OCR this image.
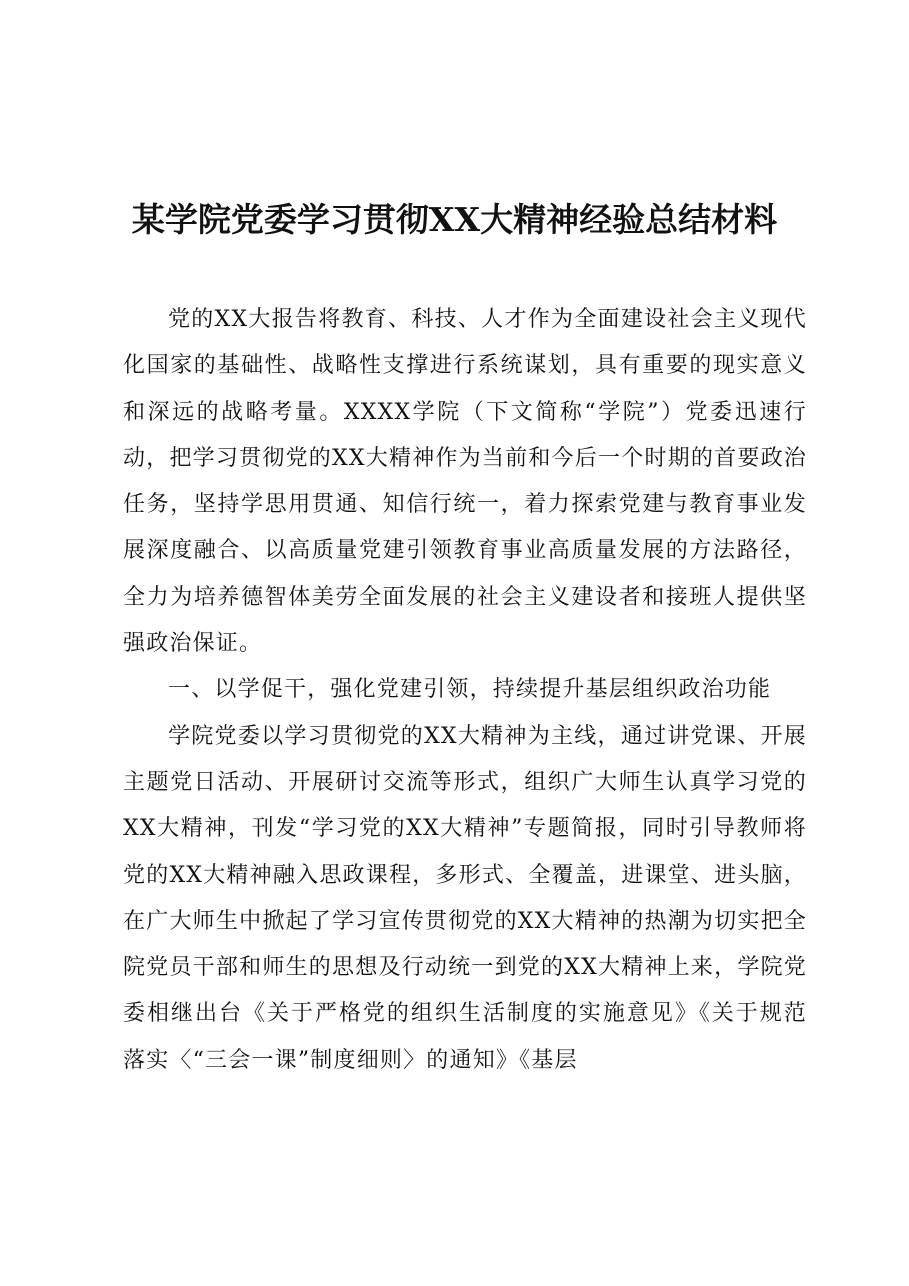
某学院党委学习贯彻XX大精神经验总结材料

党的XX大报告将教育、科技、人才作为全面建设社会主义现代化国家的基础性、战略性支撑进行系统谋划，具有重要的现实意义和深远的战略考量。XXXX学院（下文简称“学院”）党委迅速行动，把学习贯彻党的XX大精神作为当前和今后一个时期的首要政治任务，坚持学思用贯通、知信行统一，着力探索党建与教育事业发展深度融合、以高质量党建引领教育事业高质量发展的方法路径，全力为培养德智体美劳全面发展的社会主义建设者和接班人提供坚强政治保证。

一、以学促干，强化党建引领，持续提升基层组织政治功能

学院党委以学习贯彻党的XX大精神为主线，通过讲党课、开展主题党日活动、开展研讨交流等形式，组织广大师生认真学习党的XX大精神，刊发“学习党的XX大精神”专题简报，同时引导教师将党的XX大精神融入思政课程，多形式、全覆盖，进课堂、进头脑，在广大师生中掀起了学习宣传贯彻党的XX大精神的热潮为切实把全院党员干部和师生的思想及行动统一到党的XX大精神上来，学院党委相继出台《关于严格党的组织生活制度的实施意见》《关于规范落实〈“三会一课”制度细则〉的通知》《基层
